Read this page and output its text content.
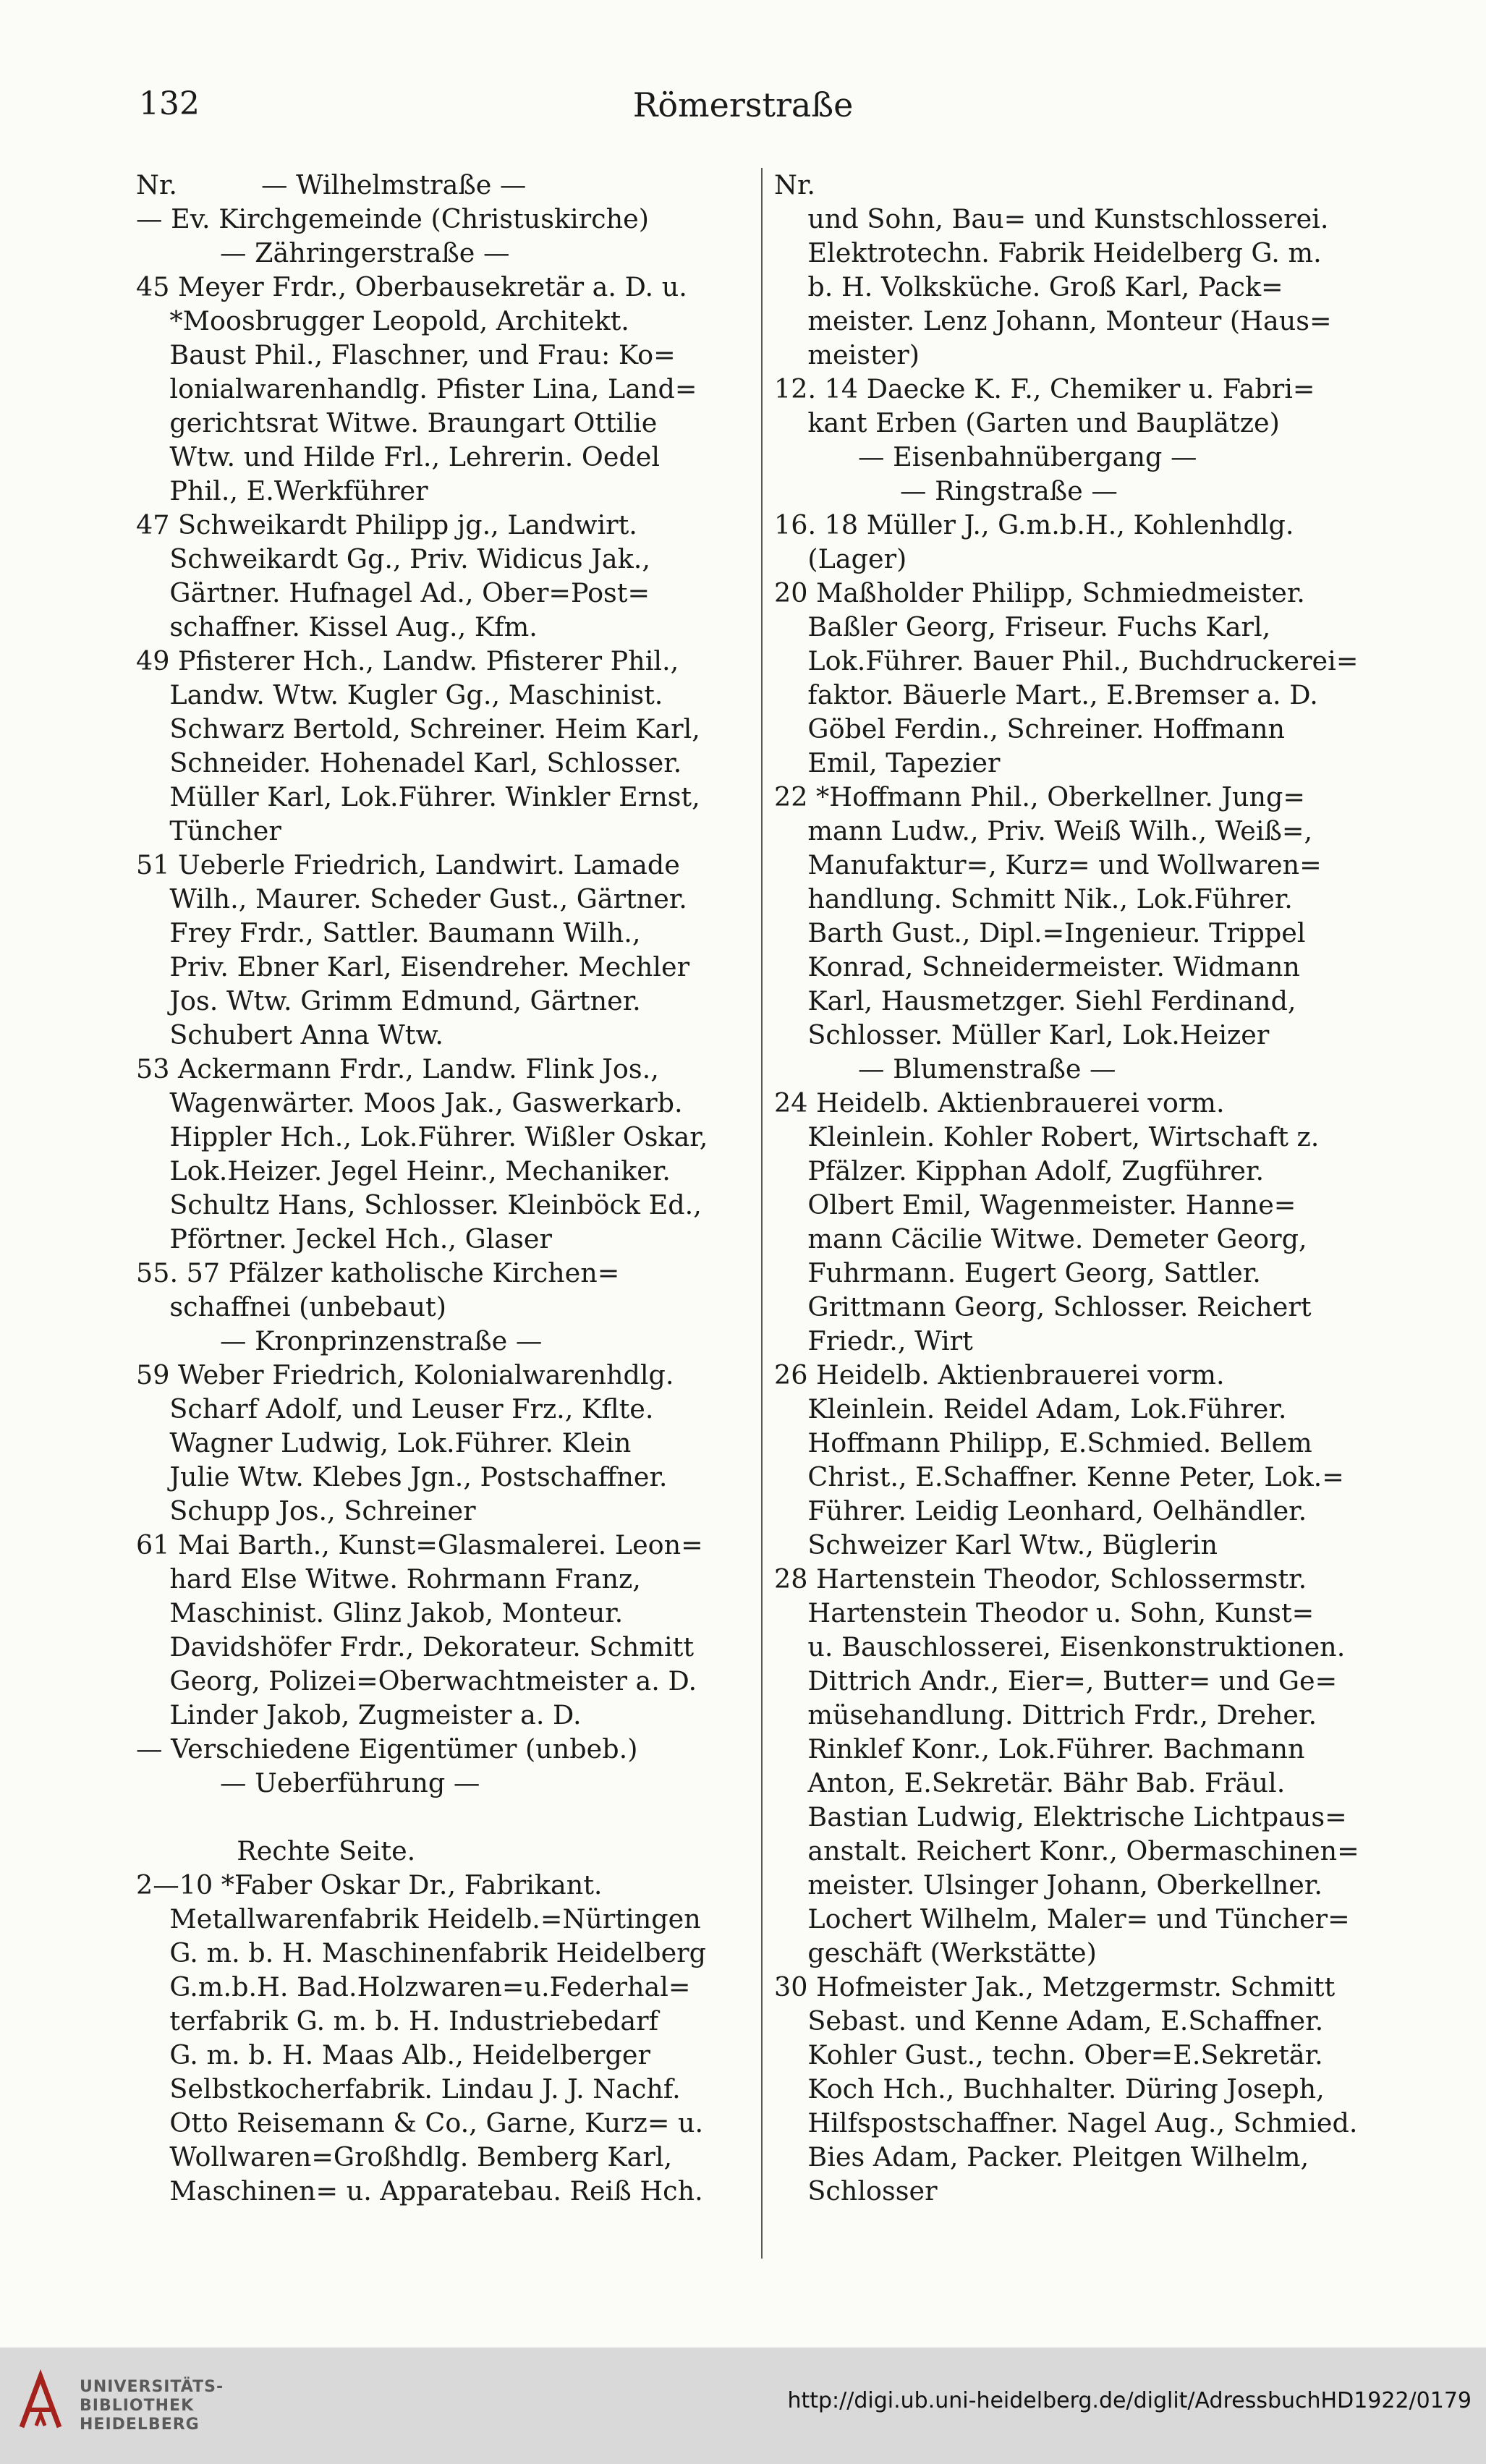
132	Römerstraße
Nr.          — Wilhelmstraße —
— Ev. Kirchgemeinde (Christuskirche)
— Zähringerstraße —
45 Meyer Frdr., Oberbausekretär a. D. u.
*Moosbrugger Leopold, Architekt.
Baust Phil., Flaschner, und Frau: Ko=
lonialwarenhandlg. Pfister Lina, Land=
gerichtsrat Witwe. Braungart Ottilie
Wtw. und Hilde Frl., Lehrerin. Oedel
Phil., E.Werkführer
47 Schweikardt Philipp jg., Landwirt.
Schweikardt Gg., Priv. Widicus Jak.,
Gärtner. Hufnagel Ad., Ober=Post=
schaffner. Kissel Aug., Kfm.
49 Pfisterer Hch., Landw. Pfisterer Phil.,
Landw. Wtw. Kugler Gg., Maschinist.
Schwarz Bertold, Schreiner. Heim Karl,
Schneider. Hohenadel Karl, Schlosser.
Müller Karl, Lok.Führer. Winkler Ernst,
Tüncher
51 Ueberle Friedrich, Landwirt. Lamade
Wilh., Maurer. Scheder Gust., Gärtner.
Frey Frdr., Sattler. Baumann Wilh.,
Priv. Ebner Karl, Eisendreher. Mechler
Jos. Wtw. Grimm Edmund, Gärtner.
Schubert Anna Wtw.
53 Ackermann Frdr., Landw. Flink Jos.,
Wagenwärter. Moos Jak., Gaswerkarb.
Hippler Hch., Lok.Führer. Wißler Oskar,
Lok.Heizer. Jegel Heinr., Mechaniker.
Schultz Hans, Schlosser. Kleinböck Ed.,
Pförtner. Jeckel Hch., Glaser
55. 57 Pfälzer katholische Kirchen=
schaffnei (unbebaut)
— Kronprinzenstraße —
59 Weber Friedrich, Kolonialwarenhdlg.
Scharf Adolf, und Leuser Frz., Kflte.
Wagner Ludwig, Lok.Führer. Klein
Julie Wtw. Klebes Jgn., Postschaffner.
Schupp Jos., Schreiner
61 Mai Barth., Kunst=Glasmalerei. Leon=
hard Else Witwe. Rohrmann Franz,
Maschinist. Glinz Jakob, Monteur.
Davidshöfer Frdr., Dekorateur. Schmitt
Georg, Polizei=Oberwachtmeister a. D.
Linder Jakob, Zugmeister a. D.
— Verschiedene Eigentümer (unbeb.)
— Ueberführung —
Rechte Seite.
2—10 *Faber Oskar Dr., Fabrikant.
Metallwarenfabrik Heidelb.=Nürtingen
G. m. b. H. Maschinenfabrik Heidelberg
G.m.b.H. Bad.Holzwaren=u.Federhal=
terfabrik G. m. b. H. Industriebedarf
G. m. b. H. Maas Alb., Heidelberger
Selbstkocherfabrik. Lindau J. J. Nachf.
Otto Reisemann & Co., Garne, Kurz= u.
Wollwaren=Großhdlg. Bemberg Karl,
Maschinen= u. Apparatebau. Reiß Hch.
Nr.
und Sohn, Bau= und Kunstschlosserei.
Elektrotechn. Fabrik Heidelberg G. m.
b. H. Volksküche. Groß Karl, Pack=
meister. Lenz Johann, Monteur (Haus=
meister)
12. 14 Daecke K. F., Chemiker u. Fabri=
kant Erben (Garten und Bauplätze)
— Eisenbahnübergang —
— Ringstraße —
16. 18 Müller J., G.m.b.H., Kohlenhdlg.
(Lager)
20 Maßholder Philipp, Schmiedmeister.
Baßler Georg, Friseur. Fuchs Karl,
Lok.Führer. Bauer Phil., Buchdruckerei=
faktor. Bäuerle Mart., E.Bremser a. D.
Göbel Ferdin., Schreiner. Hoffmann
Emil, Tapezier
22 *Hoffmann Phil., Oberkellner. Jung=
mann Ludw., Priv. Weiß Wilh., Weiß=,
Manufaktur=, Kurz= und Wollwaren=
handlung. Schmitt Nik., Lok.Führer.
Barth Gust., Dipl.=Ingenieur. Trippel
Konrad, Schneidermeister. Widmann
Karl, Hausmetzger. Siehl Ferdinand,
Schlosser. Müller Karl, Lok.Heizer
— Blumenstraße —
24 Heidelb. Aktienbrauerei vorm.
Kleinlein. Kohler Robert, Wirtschaft z.
Pfälzer. Kipphan Adolf, Zugführer.
Olbert Emil, Wagenmeister. Hanne=
mann Cäcilie Witwe. Demeter Georg,
Fuhrmann. Eugert Georg, Sattler.
Grittmann Georg, Schlosser. Reichert
Friedr., Wirt
26 Heidelb. Aktienbrauerei vorm.
Kleinlein. Reidel Adam, Lok.Führer.
Hoffmann Philipp, E.Schmied. Bellem
Christ., E.Schaffner. Kenne Peter, Lok.=
Führer. Leidig Leonhard, Oelhändler.
Schweizer Karl Wtw., Büglerin
28 Hartenstein Theodor, Schlossermstr.
Hartenstein Theodor u. Sohn, Kunst=
u. Bauschlosserei, Eisenkonstruktionen.
Dittrich Andr., Eier=, Butter= und Ge=
müsehandlung. Dittrich Frdr., Dreher.
Rinklef Konr., Lok.Führer. Bachmann
Anton, E.Sekretär. Bähr Bab. Fräul.
Bastian Ludwig, Elektrische Lichtpaus=
anstalt. Reichert Konr., Obermaschinen=
meister. Ulsinger Johann, Oberkellner.
Lochert Wilhelm, Maler= und Tüncher=
geschäft (Werkstätte)
30 Hofmeister Jak., Metzgermstr. Schmitt
Sebast. und Kenne Adam, E.Schaffner.
Kohler Gust., techn. Ober=E.Sekretär.
Koch Hch., Buchhalter. Düring Joseph,
Hilfspostschaffner. Nagel Aug., Schmied.
Bies Adam, Packer. Pleitgen Wilhelm,
Schlosser
UNIVERSITÄTS-
BIBLIOTHEK
HEIDELBERG
http://digi.ub.uni-heidelberg.de/diglit/AdressbuchHD1922/0179
